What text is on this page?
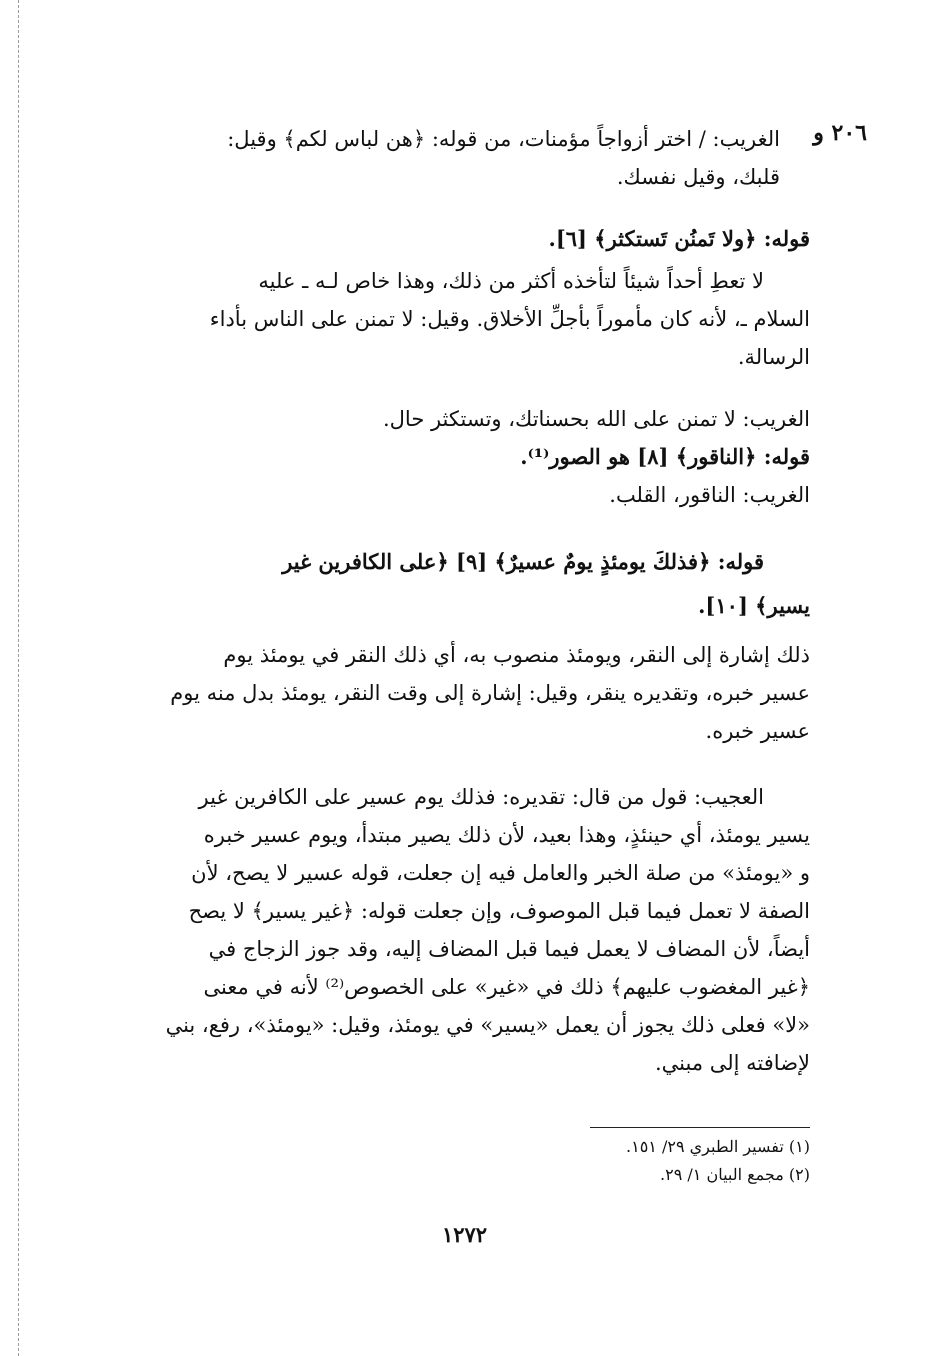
٢٠٦ و
الغريب: / اختر أزواجاً مؤمنات، من قوله: ﴿هن لباس لكم﴾ وقيل:
قلبك، وقيل نفسك.
قوله: ﴿ولا تَمنُن تَستكثر﴾ [٦].
لا تعطِ أحداً شيئاً لتأخذه أكثر من ذلك، وهذا خاص لـه ـ عليه
السلام ـ، لأنه كان مأموراً بأجلِّ الأخلاق. وقيل: لا تمنن على الناس بأداء
الرسالة.
الغريب: لا تمنن على الله بحسناتك، وتستكثر حال.
قوله: ﴿الناقور﴾ [٨] هو الصور⁽¹⁾.
الغريب: الناقور، القلب.
قوله: ﴿فذلكَ يومئذٍ يومٌ عسيرٌ﴾ [٩] ﴿على الكافرين غير
يسير﴾ [١٠].
ذلك إشارة إلى النقر، ويومئذ منصوب به، أي ذلك النقر في يومئذ يوم
عسير خبره، وتقديره ينقر، وقيل: إشارة إلى وقت النقر، يومئذ بدل منه يوم
عسير خبره.
العجيب: قول من قال: تقديره: فذلك يوم عسير على الكافرين غير
يسير يومئذ، أي حينئذٍ، وهذا بعيد، لأن ذلك يصير مبتدأ، ويوم عسير خبره
و «يومئذ» من صلة الخبر والعامل فيه إن جعلت، قوله عسير لا يصح، لأن
الصفة لا تعمل فيما قبل الموصوف، وإن جعلت قوله: ﴿غير يسير﴾ لا يصح
أيضاً، لأن المضاف لا يعمل فيما قبل المضاف إليه، وقد جوز الزجاج في
﴿غير المغضوب عليهم﴾ ذلك في «غير» على الخصوص⁽²⁾ لأنه في معنى
«لا» فعلى ذلك يجوز أن يعمل «يسير» في يومئذ، وقيل: «يومئذ»، رفع، بني
لإضافته إلى مبني.
(١) تفسير الطبري ٢٩/ ١٥١.
(٢) مجمع البيان ١/ ٢٩.
١٢٧٢
